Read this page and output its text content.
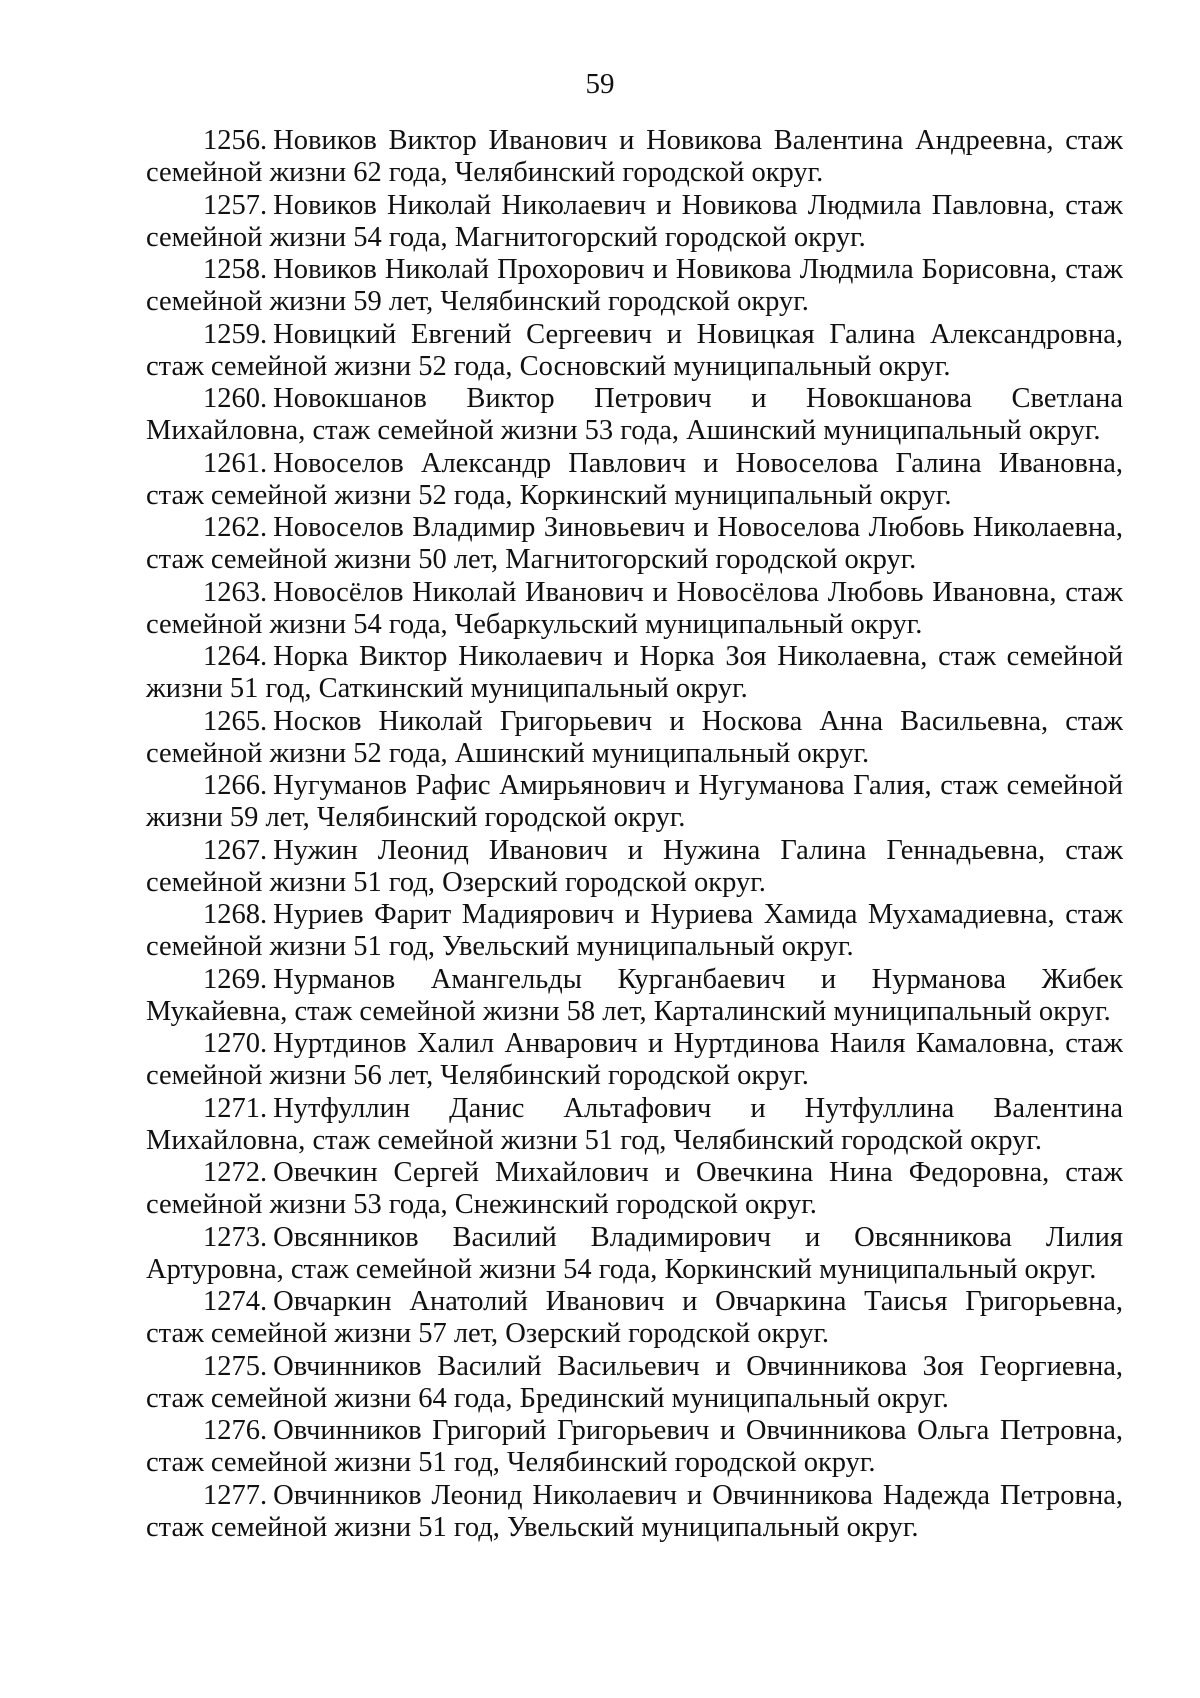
59
1256. Новиков Виктор Иванович и Новикова Валентина Андреевна, стаж семейной жизни 62 года, Челябинский городской округ.
1257. Новиков Николай Николаевич и Новикова Людмила Павловна, стаж семейной жизни 54 года, Магнитогорский городской округ.
1258. Новиков Николай Прохорович и Новикова Людмила Борисовна, стаж семейной жизни 59 лет, Челябинский городской округ.
1259. Новицкий Евгений Сергеевич и Новицкая Галина Александровна, стаж семейной жизни 52 года, Сосновский муниципальный округ.
1260. Новокшанов Виктор Петрович и Новокшанова Светлана Михайловна, стаж семейной жизни 53 года, Ашинский муниципальный округ.
1261. Новоселов Александр Павлович и Новоселова Галина Ивановна, стаж семейной жизни 52 года, Коркинский муниципальный округ.
1262. Новоселов Владимир Зиновьевич и Новоселова Любовь Николаевна, стаж семейной жизни 50 лет, Магнитогорский городской округ.
1263. Новосёлов Николай Иванович и Новосёлова Любовь Ивановна, стаж семейной жизни 54 года, Чебаркульский муниципальный округ.
1264. Норка Виктор Николаевич и Норка Зоя Николаевна, стаж семейной жизни 51 год, Саткинский муниципальный округ.
1265. Носков Николай Григорьевич и Носкова Анна Васильевна, стаж семейной жизни 52 года, Ашинский муниципальный округ.
1266. Нугуманов Рафис Амирьянович и Нугуманова Галия, стаж семейной жизни 59 лет, Челябинский городской округ.
1267. Нужин Леонид Иванович и Нужина Галина Геннадьевна, стаж семейной жизни 51 год, Озерский городской округ.
1268. Нуриев Фарит Мадиярович и Нуриева Хамида Мухамадиевна, стаж семейной жизни 51 год, Увельский муниципальный округ.
1269. Нурманов Амангельды Курганбаевич и Нурманова Жибек Мукайевна, стаж семейной жизни 58 лет, Карталинский муниципальный округ.
1270. Нуртдинов Халил Анварович и Нуртдинова Наиля Камаловна, стаж семейной жизни 56 лет, Челябинский городской округ.
1271. Нутфуллин Данис Альтафович и Нутфуллина Валентина Михайловна, стаж семейной жизни 51 год, Челябинский городской округ.
1272. Овечкин Сергей Михайлович и Овечкина Нина Федоровна, стаж семейной жизни 53 года, Снежинский городской округ.
1273. Овсянников Василий Владимирович и Овсянникова Лилия Артуровна, стаж семейной жизни 54 года, Коркинский муниципальный округ.
1274. Овчаркин Анатолий Иванович и Овчаркина Таисья Григорьевна, стаж семейной жизни 57 лет, Озерский городской округ.
1275. Овчинников Василий Васильевич и Овчинникова Зоя Георгиевна, стаж семейной жизни 64 года, Брединский муниципальный округ.
1276. Овчинников Григорий Григорьевич и Овчинникова Ольга Петровна, стаж семейной жизни 51 год, Челябинский городской округ.
1277. Овчинников Леонид Николаевич и Овчинникова Надежда Петровна, стаж семейной жизни 51 год, Увельский муниципальный округ.
